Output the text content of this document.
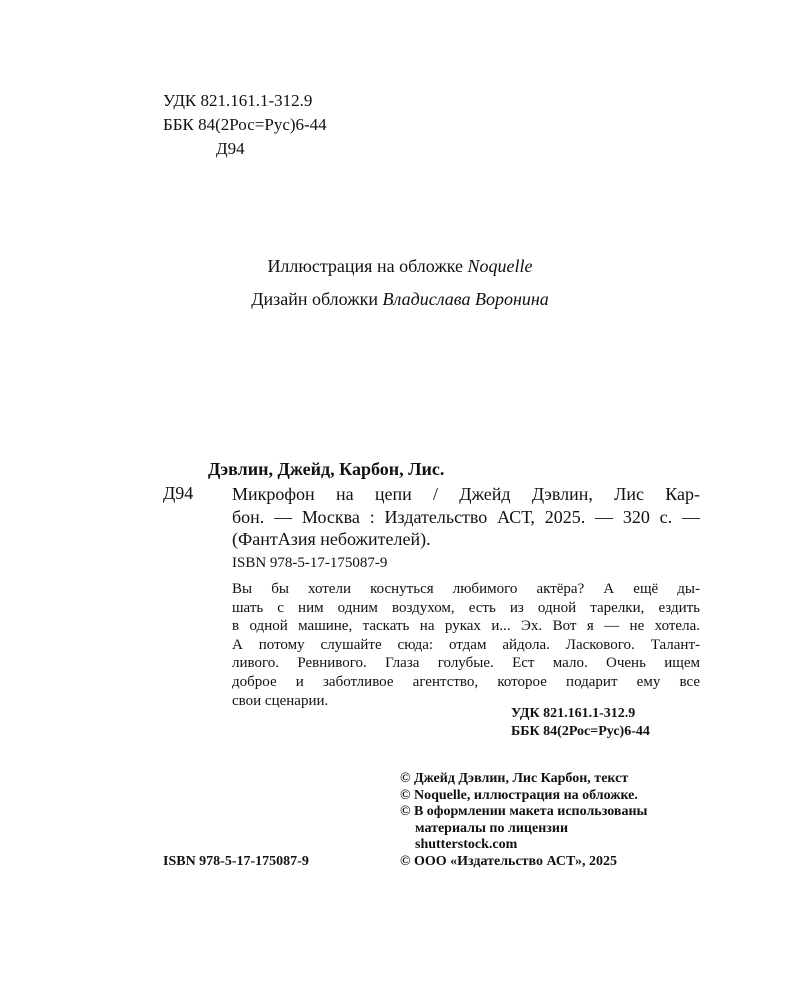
УДК 821.161.1-312.9
ББК 84(2Рос=Рус)6-44
Д94
Иллюстрация на обложке Noquelle
Дизайн обложки Владислава Воронина
Дэвлин, Джейд, Карбон, Лис.
Д94 Микрофон на цепи / Джейд Дэвлин, Лис Кар-
бон. — Москва : Издательство АСТ, 2025. — 320 с. —
(ФантАзия небожителей).
ISBN 978-5-17-175087-9
Вы бы хотели коснуться любимого актёра? А ещё ды-
шать с ним одним воздухом, есть из одной тарелки, ездить
в одной машине, таскать на руках и... Эх. Вот я — не хотела.
А потому слушайте сюда: отдам айдола. Ласкового. Талант-
ливого. Ревнивого. Глаза голубые. Ест мало. Очень ищем
доброе и заботливое агентство, которое подарит ему все
свои сценарии.
УДК 821.161.1-312.9
ББК 84(2Рос=Рус)6-44
© Джейд Дэвлин, Лис Карбон, текст
© Noquelle, иллюстрация на обложке.
© В оформлении макета использованы
материалы по лицензии
shutterstock.com
© ООО «Издательство АСТ», 2025
ISBN 978-5-17-175087-9
